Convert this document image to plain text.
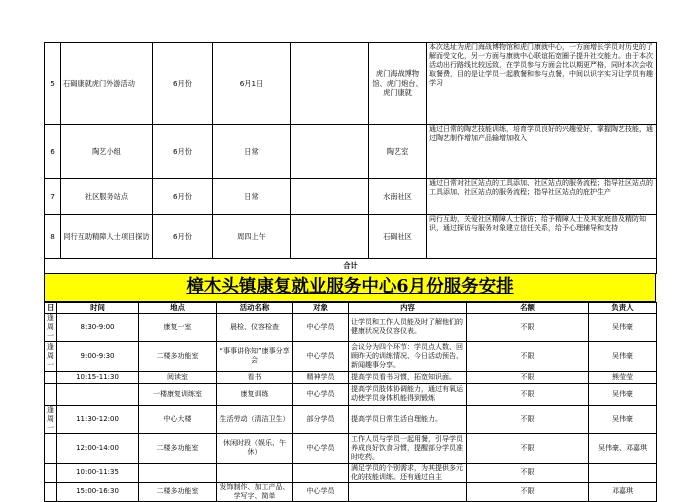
5	石碣康就虎门外游活动	6月份	6月1日		虎门海战博物馆、虎门炮台、虎门康就	本次选址为虎门海战博物馆和虎门康就中心，一方面增长学员对历史的了解而受文化，另一方面与康就中心联谊拓宽圈子提升社交能力。由于本次活动出行路线比较远致，在学员参与方面会比以期更严格，同时本次会收取餐费，目的是让学员一起教餐和参与点餐，中间以识字实习让学员有趣学习
6	陶艺小组	6月份	日常		陶艺室	通过日常的陶艺技能训练，培育学员良好的兴趣爱好，掌握陶艺技能，通过陶艺制作增加产品输增加收入
7	社区服务站点	6月份	日常		水南社区	通过日常对社区站点的工具添加、社区站点的服务流程；指导社区站点的工具添加、社区站点的服务流程；指导社区站点的庇护生产
8	同行互助精障人士项目探访	6月份	周四上午		石碣社区	同行互助，关爱社区精障人士探访；给予精障人士及其家庭普及精防知识，通过探访与服务对象建立信任关系，给予心理辅导和支持
合计						
樟木头镇康复就业服务中心6月份服务安排
日	时间	地点	活动名称	对象	内容	名额	负责人
逢周一	8:30-9:00	康复一室	晨检、仪容检查	中心学员	让学员和工作人员能及时了解他们的健康状况及仪容仪表。	不限	吴伟豪
逢周一	9:00-9:30	二楼多功能室	“事事讲你知”康事分享会	中心学员	会议分为四个环节：学员点人数、回顾昨天的训练情况、今日活动预告、新闻趣事分享。	不限	吴伟豪
	10:15-11:30	阅读室	看书	精神学员	提高学员看书习惯，拓宽知识面。	不限	熊莹莹
		一楼康复训练室	康复训练	中心学员	提高学员肢体协调能力，通过有氧运动使学员身体机能得到锻炼	不限	吴伟豪
逢周一	11:30-12:00	中心大楼	生活劳动（清洁卫生）	部分学员	提高学员日常生活自理能力。	不限	吴伟豪
	12:00-14:00	二楼多功能室	休闲时段（娱乐、午休）	中心学员	工作人员与学员一起用餐，引导学员养成良好饮食习惯，提醒部分学员准时吃药。	不限	吴伟豪、邓嘉琪
	10:00-11:35				满足学员的个别需求，为其提供多元化的技能训练。还有通过自主	不限	
	15:00-16:30	二楼多功能室	发饰制作、加工产品、学写字、简单	中心学员		不限	邓嘉琪
